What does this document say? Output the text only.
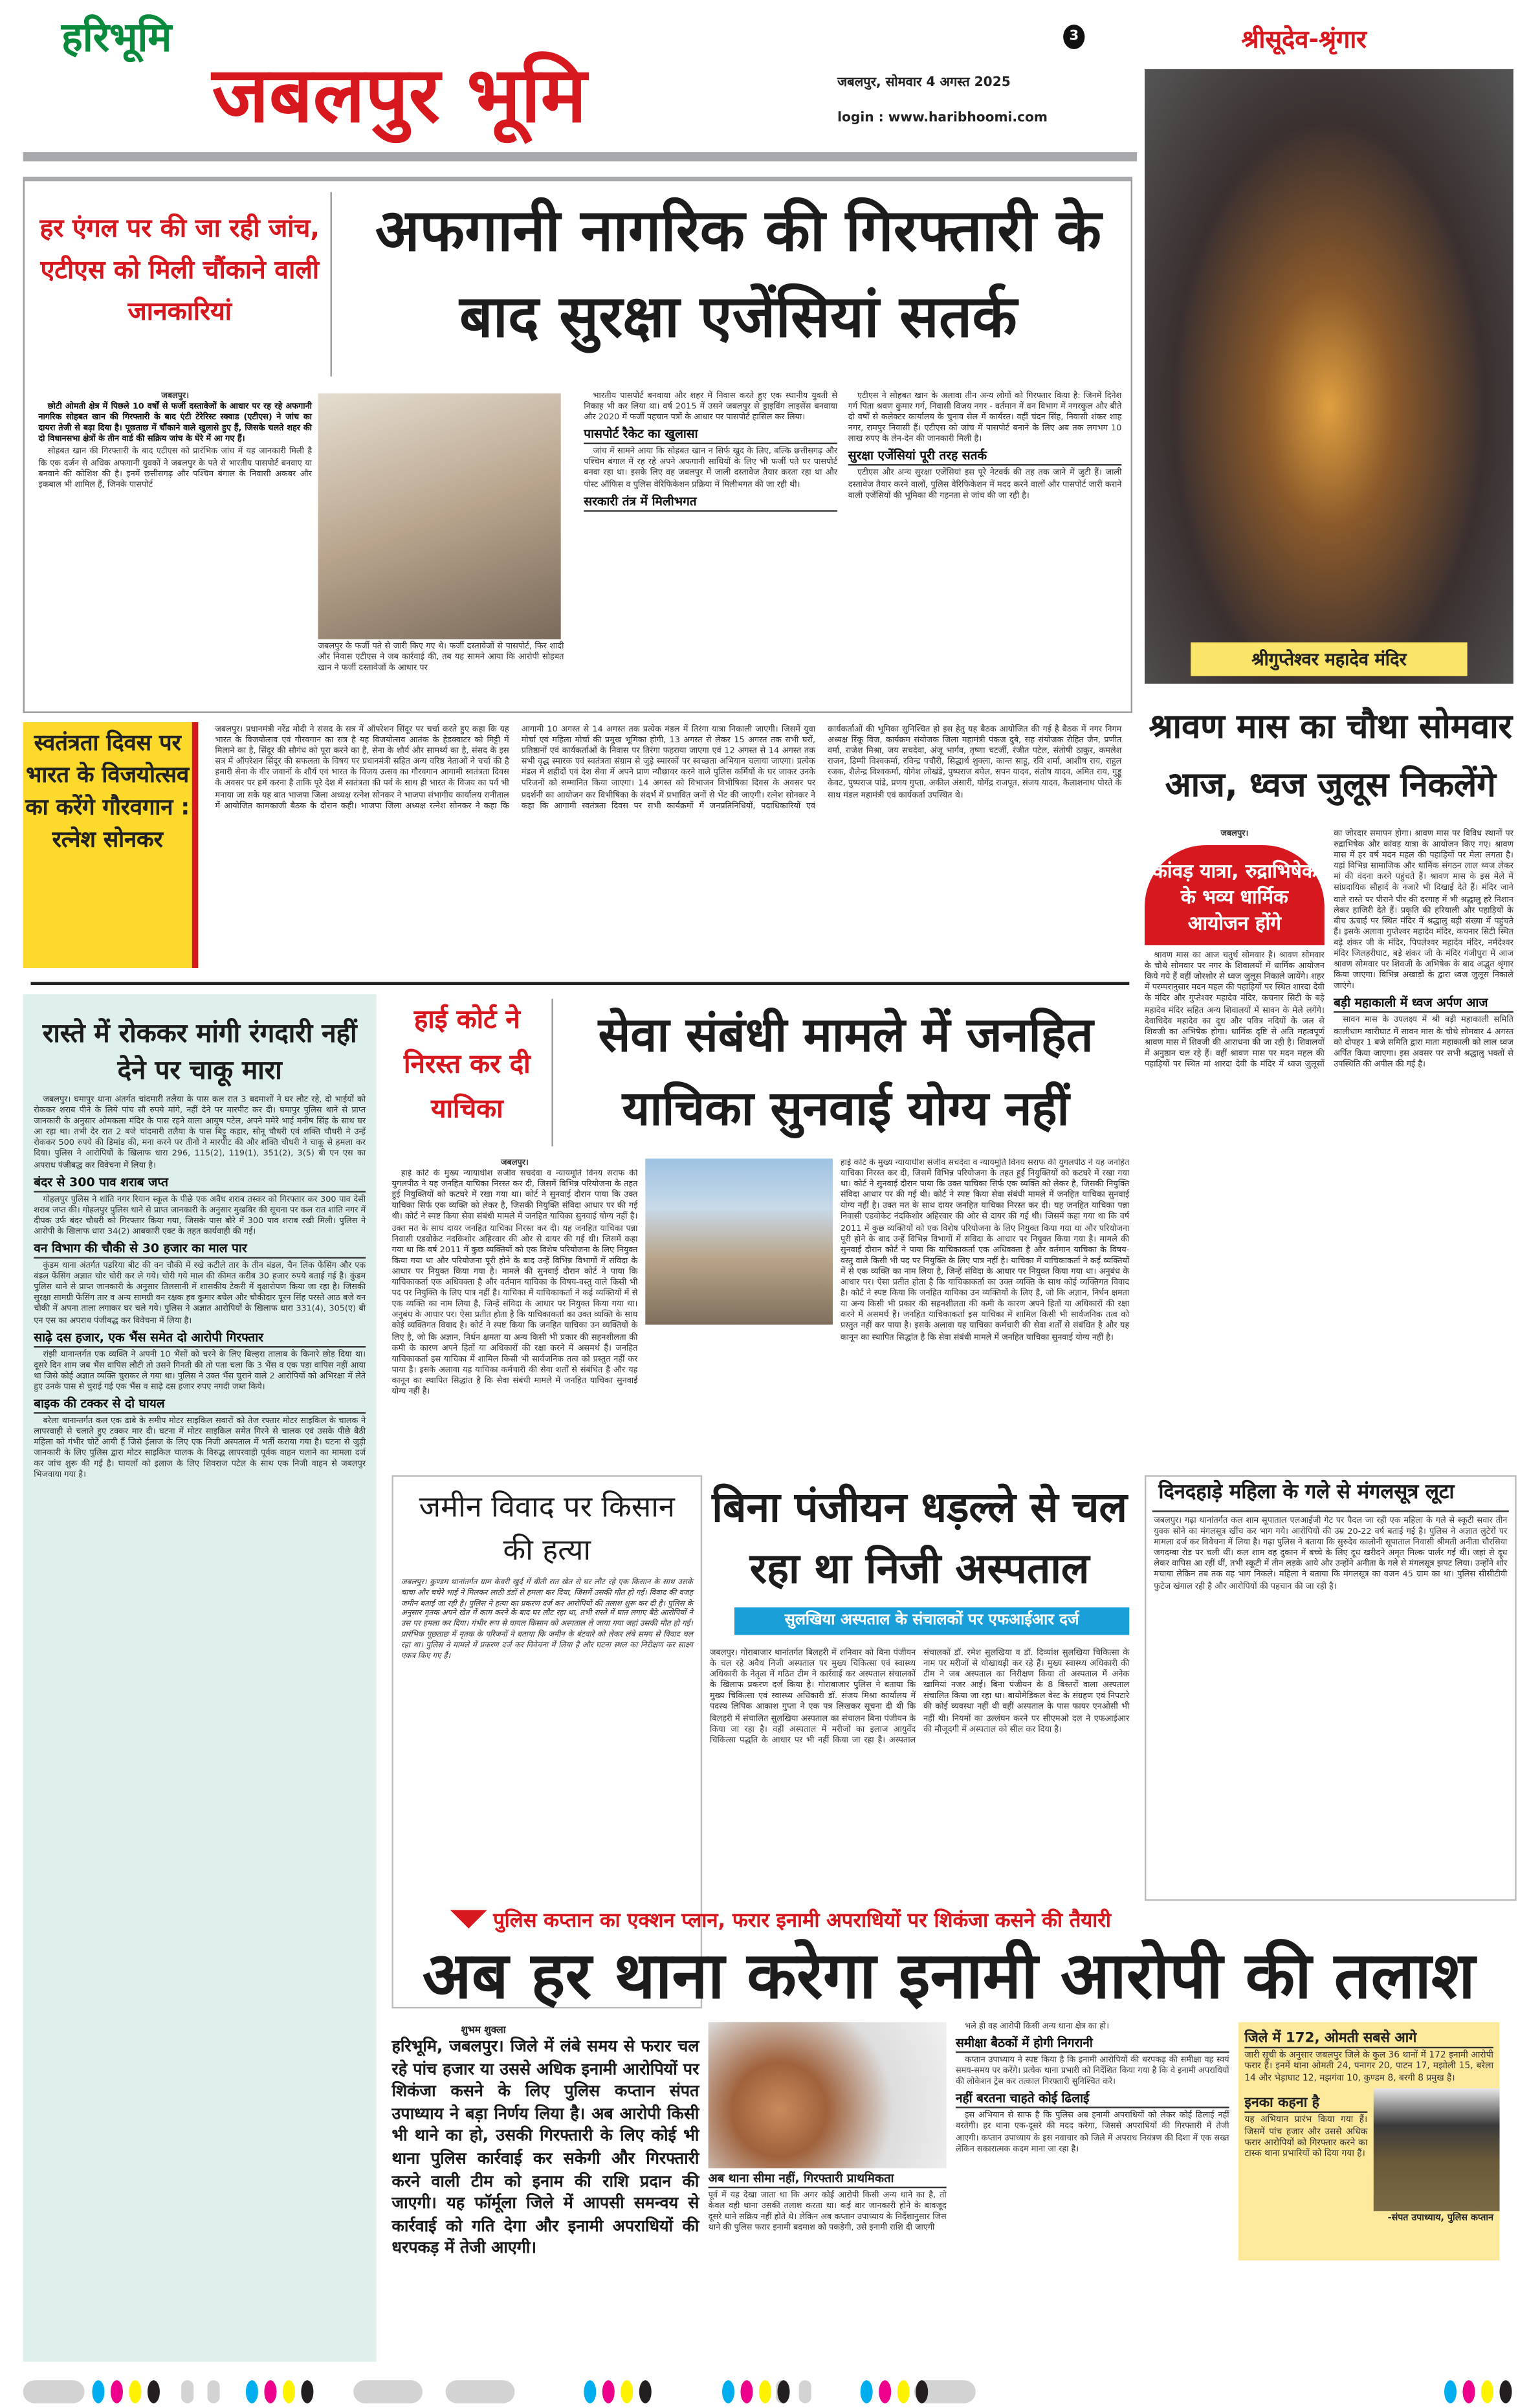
हरिभूमि
जबलपुर भूमि	जबलपुर, सोमवार 4 अगस्त 2025
login : www.haribhoomi.com
3	श्रीसूदेव-श्रृंगार
श्रीगुप्तेश्वर महादेव मंदिर
हर एंगल पर की जा रही जांच, एटीएस को मिली चौंकाने वाली जानकारियां
अफगानी नागरिक की गिरफ्तारी के बाद सुरक्षा एजेंसियां सतर्क
जबलपुर।

छोटी ओमती क्षेत्र में पिछले 10 वर्षों से फर्जी दस्तावेजों के आधार पर रह रहे अफगानी नागरिक सोहबत खान की गिरफ्तारी के बाद एंटी टेरेरिस्ट स्क्वाड (एटीएस) ने जांच का दायरा तेजी से बढ़ा दिया है। पूछताछ में चौंकाने वाले खुलासे हुए हैं, जिसके चलते शहर की दो विधानसभा क्षेत्रों के तीन वार्ड की सक्रिय जांच के घेरे में आ गए हैं।

सोहबत खान की गिरफ्तारी के बाद एटीएस को प्रारंभिक जांच में यह जानकारी मिली है कि एक दर्जन से अधिक अफगानी युवकों ने जबलपुर के पते से भारतीय पासपोर्ट बनवाए या बनवाने की कोशिश की है। इनमें छत्तीसगढ़ और पश्चिम बंगाल के निवासी अकबर और इकबाल भी शामिल हैं, जिनके पासपोर्ट

जबलपुर के फर्जी पते से जारी किए गए थे। फर्जी दस्तावेजों से पासपोर्ट, फिर शादी और निवास एटीएस ने जब कार्रवाई की, तब यह सामने आया कि आरोपी सोहबत खान ने फर्जी दस्तावेजों के आधार पर

भारतीय पासपोर्ट बनवाया और शहर में निवास करते हुए एक स्थानीय युवती से निकाह भी कर लिया था। वर्ष 2015 में उसने जबलपुर से ड्राइविंग लाइसेंस बनवाया और 2020 में फर्जी पहचान पत्रों के आधार पर पासपोर्ट हासिल कर लिया।

पासपोर्ट रैकेट का खुलासा

जांच में सामने आया कि सोहबत खान न सिर्फ खुद के लिए, बल्कि छत्तीसगढ़ और पश्चिम बंगाल में रह रहे अपने अफगानी साथियों के लिए भी फर्जी पते पर पासपोर्ट बनवा रहा था। इसके लिए वह जबलपुर में जाली दस्तावेज तैयार करता रहा था और पोस्ट ऑफिस व पुलिस वेरिफिकेशन प्रक्रिया में मिलीभगत की जा रही थी।

सरकारी तंत्र में मिलीभगत

एटीएस ने सोहबत खान के अलावा तीन अन्य लोगों को गिरफ्तार किया है: जिनमें दिनेश गर्ग पिता श्रवण कुमार गर्ग, निवासी विजय नगर - वर्तमान में वन विभाग में नगरकुल और बीते दो वर्षों से कलेक्टर कार्यालय के चुनाव सेल में कार्यरत। वहीं चंदन सिंह, निवासी शंकर शाह नगर, रामपुर निवासी हैं। एटीएस को जांच में पासपोर्ट बनाने के लिए अब तक लगभग 10 लाख रुपए के लेन-देन की जानकारी मिली है।

सुरक्षा एजेंसियां पूरी तरह सतर्क

एटीएस और अन्य सुरक्षा एजेंसियां इस पूरे नेटवर्क की तह तक जाने में जुटी हैं। जाली दस्तावेज तैयार करने वालों, पुलिस वेरिफिकेशन में मदद करने वालों और पासपोर्ट जारी कराने वाली एजेंसियों की भूमिका की गहनता से जांच की जा रही है।

स्वतंत्रता दिवस पर भारत के विजयोत्सव का करेंगे गौरवगान : रत्नेश सोनकर
जबलपुर। प्रधानमंत्री नरेंद्र मोदी ने संसद के सत्र में ऑपरेशन सिंदूर पर चर्चा करते हुए कहा कि यह भारत के विजयोत्सव एवं गौरवगान का सत्र है यह विजयोत्सव आतंक के हेडक्वाटर को मिट्टी में मिलाने का है, सिंदूर की सौगंध को पूरा करने का है, सेना के शौर्य और सामर्थ्य का है, संसद के इस सत्र में ऑपरेशन सिंदूर की सफलता के विषय पर प्रधानमंत्री सहित अन्य वरिष्ठ नेताओं ने चर्चा की है हमारी सेना के वीर जवानों के शौर्य एवं भारत के विजय उत्सव का गौरवगान आगामी स्वतंत्रता दिवस के अवसर पर हमें करना है ताकि पूरे देश में स्वतंत्रता की पर्व के साथ ही भारत के विजय का पर्व भी मनाया जा सके यह बात भाजपा जिला अध्यक्ष रत्नेश सोनकर ने भाजपा संभागीय कार्यालय रानीताल में आयोजित कामकाजी बैठक के दौरान कही। भाजपा जिला अध्यक्ष रत्नेश सोनकर ने कहा कि आगामी 10 अगस्त से 14 अगस्त तक प्रत्येक मंडल में तिरंगा यात्रा निकाली जाएगी। जिसमें युवा मोर्चा एवं महिला मोर्चा की प्रमुख भूमिका होगी, 13 अगस्त से लेकर 15 अगस्त तक सभी घरों, प्रतिष्ठानों एवं कार्यकर्ताओं के निवास पर तिरंगा फहराया जाएगा एवं 12 अगस्त से 14 अगस्त तक सभी वृद्ध स्मारक एवं स्वतंत्रता संग्राम से जुड़े स्मारकों पर स्वच्छता अभियान चलाया जाएगा। प्रत्येक मंडल में शहीदों एवं देश सेवा में अपने प्राण न्यौछावर करने वाले पुलिस कर्मियों के घर जाकर उनके परिजनों को सम्मानित किया जाएगा। 14 अगस्त को विभाजन विभीषिका दिवस के अवसर पर प्रदर्शनी का आयोजन कर विभीषिका के संदर्भ में प्रभावित जनों से भेंट की जाएगी। रत्नेश सोनकर ने कहा कि आगामी स्वतंत्रता दिवस पर सभी कार्यक्रमों में जनप्रतिनिधियों, पदाधिकारियों एवं कार्यकर्ताओं की भूमिका सुनिश्चित हो इस हेतु यह बैठक आयोजित की गई है बैठक में नगर निगम अध्यक्ष रिंकू विज, कार्यक्रम संयोजक जिला महामंत्री पंकज दुबे, सह संयोजक रोहित जैन, प्रणीत वर्मा, राजेश मिश्रा, जय सचदेवा, अंजू भार्गव, तृष्णा चटर्जी, रंजीत पटेल, संतोषी ठाकुर, कमलेश राजन, डिम्पी विश्वकर्मा, रविन्द्र पचौरी, सिद्धार्थ शुक्ला, कान्त साहू, रवि शर्मा, आशीष राय, राहुल रजक, शैलेन्द्र विश्वकर्मा, योगेश लोखंडे, पुष्पराज बघेल, सपन यादव, संतोष यादव, अमित राय, गुड्डू केवट, पुष्पराज पांडे, प्रणय गुप्ता, अकील अंसारी, योगेंद्र राजपूत, संजय यादव, कैलाशनाथ पोरते के साथ मंडल महामंत्री एवं कार्यकर्ता उपस्थित थे।
श्रावण मास का चौथा सोमवार आज, ध्वज जुलूस निकलेंगे
जबलपुर।
कांवड़ यात्रा, रुद्राभिषेक के भव्य धार्मिक आयोजन होंगे

श्रावण मास का आज चतुर्थ सोमवार है। श्रावण सोमवार के चौथे सोमवार पर नगर के शिवालयों में धार्मिक आयोजन किये गये हैं वहीं जोरशोर से ध्वज जुलूस निकाले जायेंगे। शहर में परम्परानुसार मदन महल की पहाड़ियों पर स्थित शारदा देवी के मंदिर और गुप्तेश्वर महादेव मंदिर, कचनार सिटी के बड़े महादेव मंदिर सहित अन्य शिवालयों में सावन के मेले लगेंगे। देवाधिदेव महादेव का दूध और पवित्र नदियों के जल से शिवजी का अभिषेक होगा। धार्मिक दृष्टि से अति महत्वपूर्ण श्रावण मास में शिवजी की आराधना की जा रही है। शिवालयों में अनुष्ठान चल रहे हैं। वहीं श्रावण मास पर मदन महल की पहाड़ियों पर स्थित मां शारदा देवी के मंदिर में ध्वज जुलूसों का जोरदार समापन होगा। श्रावण मास पर विविध स्थानों पर रुद्राभिषेक और कांवड़ यात्रा के आयोजन किए गए। श्रावण मास में हर वर्ष मदन महल की पहाड़ियों पर मेला लगता है। यहां विभिन्न सामाजिक और धार्मिक संगठन लाल ध्वज लेकर मां की वंदना करने पहुंचते हैं। श्रावण मास के इस मेले में सांप्रदायिक सौहार्द के नजारे भी दिखाई देते हैं। मंदिर जाने वाले रास्ते पर पीराने पीर की दरगाह में भी श्रद्धालु हरे निशान लेकर हाजिरी देते हैं। प्रकृति की हरियाली और पहाड़ियों के बीच ऊंचाई पर स्थित मंदिर में श्रद्धालु बड़ी संख्या में पहुंचते हैं। इसके अलावा गुप्तेश्वर महादेव मंदिर, कचनार सिटी स्थित बड़े शंकर जी के मंदिर, पिपलेश्वर महादेव मंदिर, नर्मदेश्वर मंदिर जिलहरीघाट, बड़े शंकर जी के मंदिर गंजीपुरा में आज श्रावण सोमवार पर शिवजी के अभिषेक के बाद अद्भुत श्रृंगार किया जाएगा। विभिन्न अखाड़ों के द्वारा ध्वज जुलूस निकाले जाएंगे।

बड़ी महाकाली में ध्वज अर्पण आज

सावन मास के उपलक्ष्य में श्री बड़ी महाकाली समिति कालीधाम ग्वारीघाट में सावन मास के चौथे सोमवार 4 अगस्त को दोपहर 1 बजे समिति द्वारा माता महाकाली को लाल ध्वज अर्पित किया जाएगा। इस अवसर पर सभी श्रद्धालु भक्तों से उपस्थिति की अपील की गई है।

रास्ते में रोककर मांगी रंगदारी नहीं देने पर चाकू मारा

जबलपुर। घमापुर थाना अंतर्गत चांदमारी तलैया के पास कल रात 3 बदमाशों ने घर लौट रहे, दो भाईयों को रोककर शराब पीने के लिये पांच सौ रुपये मांगे, नहीं देने पर मारपीट कर दी। घमापुर पुलिस थाने से प्राप्त जानकारी के अनुसार ओमकला मंदिर के पास रहने वाला आयुष पटेल, अपने ममेरे भाई मनीष सिंह के साथ घर आ रहा था। तभी देर रात 2 बजे चांदमारी तलैया के पास बिट्टू कहार, सोनू चौधरी एवं शक्ति चौधरी ने उन्हें रोककर 500 रुपये की डिमांड की, मना करने पर तीनों ने मारपीट की और शक्ति चौधरी ने चाकू से हमला कर दिया। पुलिस ने आरोपियों के खिलाफ धारा 296, 115(2), 119(1), 351(2), 3(5) बी एन एस का अपराध पंजीबद्ध कर विवेचना में लिया है।

बंदर से 300 पाव शराब जप्त

गोहलपुर पुलिस ने शांति नगर रियान स्कूल के पीछे एक अवैध शराब तस्कर को गिरफ्तार कर 300 पाव देसी शराब जप्त की। गोहलपुर पुलिस थाने से प्राप्त जानकारी के अनुसार मुखबिर की सूचना पर कल रात शांति नगर में दीपक उर्फ बंदर चौधरी को गिरफ्तार किया गया, जिसके पास बोरे में 300 पाव शराब रखी मिली। पुलिस ने आरोपी के खिलाफ धारा 34(2) आबकारी एक्ट के तहत कार्यवाही की गई।

वन विभाग की चौकी से 30 हजार का माल पार

कुंडम थाना अंतर्गत पडरिया बीट की वन चौकी में रखे कटीले तार के तीन बंडल, चैन लिंक फेंसिंग और एक बंडल फेंसिंग अज्ञात चोर चोरी कर ले गये। चोरी गये माल की कीमत करीब 30 हजार रुपये बताई गई है। कुंडम पुलिस थाने से प्राप्त जानकारी के अनुसार तिलसानी में शासकीय टेकरी में वृक्षारोपण किया जा रहा है। जिसकी सुरक्षा सामग्री फेंसिंग तार व अन्य सामग्री वन रक्षक हव कुमार बघेल और चौकीदार पूरन सिंह परस्ते आठ बजे वन चौकी में अपना ताला लगाकर घर चले गये। पुलिस ने अज्ञात आरोपियों के खिलाफ धारा 331(4), 305(ए) बी एन एस का अपराध पंजीबद्ध कर विवेचना में लिया है।

साढ़े दस हजार, एक भैंस समेत दो आरोपी गिरफ्तार

रांझी थानान्तर्गत एक व्यक्ति ने अपनी 10 भैंसों को चरने के लिए बिल्हरा तालाब के किनारे छोड़ दिया था। दूसरे दिन शाम जब भैंस वापिस लौटी तो उसने गिनती की तो पता चला कि 3 भैंस व एक पड़ा वापिस नहीं आया था जिसे कोई अज्ञात व्यक्ति चुराकर ले गया था। पुलिस ने उक्त भैंस चुराने वाले 2 आरोपियों को अभिरक्षा में लेते हुए उनके पास से चुराई गई एक भैंस व साढ़े दस हजार रुपए नगदी जब्त किये।

बाइक की टक्कर से दो घायल

बरेला थानान्तर्गत कल एक ढाबे के समीप मोटर साइकिल सवारों को तेज रफ्तार मोटर साइकिल के चालक ने लापरवाही से चलाते हुए टक्कर मार दी। घटना में मोटर साइकिल समेत गिरने से चालक एवं उसके पीछे बैठी महिला को गंभीर चोटें आयी हैं जिसे ईलाज के लिए एक निजी अस्पताल में भर्ती कराया गया है। घटना से जुड़ी जानकारी के लिए पुलिस द्वारा मोटर साइकिल चालक के विरुद्ध लापरवाही पूर्वक वाहन चलाने का मामला दर्ज कर जांच शुरू की गई है। घायलों को इलाज के लिए शिवराज पटेल के साथ एक निजी वाहन से जबलपुर भिजवाया गया है।

हाई कोर्ट ने निरस्त कर दी याचिका
सेवा संबंधी मामले में जनहित याचिका सुनवाई योग्य नहीं
जबलपुर।

हाई कोर्ट के मुख्य न्यायाधीश संजीव सचदेवा व न्यायमूर्ति विनय सराफ की युगलपीठ ने यह जनहित याचिका निरस्त कर दी, जिसमें विभिन्न परियोजना के तहत हुई नियुक्तियों को कटघरे में रखा गया था। कोर्ट ने सुनवाई दौरान पाया कि उक्त याचिका सिर्फ एक व्यक्ति को लेकर है, जिसकी नियुक्ति संविदा आधार पर की गई थी। कोर्ट ने स्पष्ट किया सेवा संबंधी मामले में जनहित याचिका सुनवाई योग्य नहीं है। उक्त मत के साथ दायर जनहित याचिका निरस्त कर दी। यह जनहित याचिका पन्ना निवासी एडवोकेट नंदकिशोर अहिरवार की ओर से दायर की गई थी। जिसमें कहा गया था कि वर्ष 2011 में कुछ व्यक्तियों को एक विशेष परियोजना के लिए नियुक्त किया गया था और परियोजना पूरी होने के बाद उन्हें विभिन्न विभागों में संविदा के आधार पर नियुक्त किया गया है। मामले की सुनवाई दौरान कोर्ट ने पाया कि याचिकाकर्ता एक अधिवक्ता है और वर्तमान याचिका के विषय-वस्तु वाले किसी भी पद पर नियुक्ति के लिए पात्र नहीं है। याचिका में याचिकाकर्ता ने कई व्यक्तियों में से एक व्यक्ति का नाम लिया है, जिन्हें संविदा के आधार पर नियुक्त किया गया था। अनुबंध के आधार पर। ऐसा प्रतीत होता है कि याचिकाकर्ता का उक्त व्यक्ति के साथ कोई व्यक्तिगत विवाद है। कोर्ट ने स्पष्ट किया कि जनहित याचिका उन व्यक्तियों के लिए है, जो कि अज्ञान, निर्धन क्षमता या अन्य किसी भी प्रकार की सहनशीलता की कमी के कारण अपने हितों या अधिकारों की रक्षा करने में असमर्थ हैं। जनहित याचिकाकर्ता इस याचिका में शामिल किसी भी सार्वजनिक तत्व को प्रस्तुत नहीं कर पाया है। इसके अलावा यह याचिका कर्मचारी की सेवा शर्तों से संबंधित है और यह कानून का स्थापित सिद्धांत है कि सेवा संबंधी मामले में जनहित याचिका सुनवाई योग्य नहीं है।

हाई कोर्ट के मुख्य न्यायाधीश संजीव सचदेवा व न्यायमूर्ति विनय सराफ की युगलपीठ ने यह जनहित याचिका निरस्त कर दी, जिसमें विभिन्न परियोजना के तहत हुई नियुक्तियों को कटघरे में रखा गया था। कोर्ट ने सुनवाई दौरान पाया कि उक्त याचिका सिर्फ एक व्यक्ति को लेकर है, जिसकी नियुक्ति संविदा आधार पर की गई थी। कोर्ट ने स्पष्ट किया सेवा संबंधी मामले में जनहित याचिका सुनवाई योग्य नहीं है। उक्त मत के साथ दायर जनहित याचिका निरस्त कर दी। यह जनहित याचिका पन्ना निवासी एडवोकेट नंदकिशोर अहिरवार की ओर से दायर की गई थी। जिसमें कहा गया था कि वर्ष 2011 में कुछ व्यक्तियों को एक विशेष परियोजना के लिए नियुक्त किया गया था और परियोजना पूरी होने के बाद उन्हें विभिन्न विभागों में संविदा के आधार पर नियुक्त किया गया है। मामले की सुनवाई दौरान कोर्ट ने पाया कि याचिकाकर्ता एक अधिवक्ता है और वर्तमान याचिका के विषय-वस्तु वाले किसी भी पद पर नियुक्ति के लिए पात्र नहीं है। याचिका में याचिकाकर्ता ने कई व्यक्तियों में से एक व्यक्ति का नाम लिया है, जिन्हें संविदा के आधार पर नियुक्त किया गया था। अनुबंध के आधार पर। ऐसा प्रतीत होता है कि याचिकाकर्ता का उक्त व्यक्ति के साथ कोई व्यक्तिगत विवाद है। कोर्ट ने स्पष्ट किया कि जनहित याचिका उन व्यक्तियों के लिए है, जो कि अज्ञान, निर्धन क्षमता या अन्य किसी भी प्रकार की सहनशीलता की कमी के कारण अपने हितों या अधिकारों की रक्षा करने में असमर्थ हैं। जनहित याचिकाकर्ता इस याचिका में शामिल किसी भी सार्वजनिक तत्व को प्रस्तुत नहीं कर पाया है। इसके अलावा यह याचिका कर्मचारी की सेवा शर्तों से संबंधित है और यह कानून का स्थापित सिद्धांत है कि सेवा संबंधी मामले में जनहित याचिका सुनवाई योग्य नहीं है।
जमीन विवाद पर किसान की हत्या
जबलपुर। कुण्डम थानांतर्गत ग्राम केवरी खुर्द में बीती रात खेत से घर लौट रहे एक किसान के साथ उसके चाचा और चचेरे भाई ने मिलकर लाठी डंडों से हमला कर दिया, जिसमें उसकी मौत हो गई। विवाद की वजह जमीन बताई जा रही है। पुलिस ने हत्या का प्रकरण दर्ज कर आरोपियों की तलाश शुरू कर दी है। पुलिस के अनुसार मृतक अपने खेत में काम करने के बाद घर लौट रहा था, तभी रास्ते में घात लगाए बैठे आरोपियों ने उस पर हमला कर दिया। गंभीर रूप से घायल किसान को अस्पताल ले जाया गया जहां उसकी मौत हो गई। प्रारंभिक पूछताछ में मृतक के परिजनों ने बताया कि जमीन के बंटवारे को लेकर लंबे समय से विवाद चल रहा था। पुलिस ने मामले में प्रकरण दर्ज कर विवेचना में लिया है और घटना स्थल का निरीक्षण कर साक्ष्य एकत्र किए गए हैं।
बिना पंजीयन धड़ल्ले से चल रहा था निजी अस्पताल
सुलखिया अस्पताल के संचालकों पर एफआईआर दर्ज
जबलपुर। गोराबाजार थानांतर्गत बिलहरी में शनिवार को बिना पंजीयन के चल रहे अवैध निजी अस्पताल पर मुख्य चिकित्सा एवं स्वास्थ्य अधिकारी के नेतृत्व में गठित टीम ने कार्रवाई कर अस्पताल संचालकों के खिलाफ प्रकरण दर्ज किया है। गोराबाजार पुलिस ने बताया कि मुख्य चिकित्सा एवं स्वास्थ्य अधिकारी डॉ. संजय मिश्रा कार्यालय में पदस्थ लिपिक आकाश गुप्ता ने एक पत्र लिखकर सूचना दी थी कि बिलहरी में संचालित सुलखिया अस्पताल का संचालन बिना पंजीयन के किया जा रहा है। वहीं अस्पताल में मरीजों का इलाज आयुर्वेद चिकित्सा पद्धति के आधार पर भी नहीं किया जा रहा है। अस्पताल संचालकों डॉ. रमेश सुलखिया व डॉ. दिव्यांश सुलखिया चिकित्सा के नाम पर मरीजों से धोखाधड़ी कर रहे हैं। मुख्य स्वास्थ्य अधिकारी की टीम ने जब अस्पताल का निरीक्षण किया तो अस्पताल में अनेक खामियां नजर आईं। बिना पंजीयन के 8 बिस्तरों वाला अस्पताल संचालित किया जा रहा था। बायोमेडिकल वेस्ट के संग्रहण एवं निपटारे की कोई व्यवस्था नहीं थी वहीं अस्पताल के पास फायर एनओसी भी नहीं थी। नियमों का उल्लंघन करने पर सीएमओ दल ने एफआईआर की मौजूदगी में अस्पताल को सील कर दिया है।
दिनदहाड़े महिला के गले से मंगलसूत्र लूटा
जबलपुर। गढ़ा थानांतर्गत कल शाम सूपाताल एलआईजी गेट पर पैदल जा रही एक महिला के गले से स्कूटी सवार तीन युवक सोने का मंगलसूत्र खींच कर भाग गये। आरोपियों की उम्र 20-22 वर्ष बताई गई है। पुलिस ने अज्ञात लुटेरों पर मामला दर्ज कर विवेचना में लिया है। गढ़ा पुलिस ने बताया कि सुरुदेव कालोनी सूपाताल निवासी श्रीमती अनीता चौरसिया जगदम्बा रोड पर चली थीं। कल शाम वह दुकान में बच्चे के लिए दूध खरीदने अमृत मिल्क पार्लर गई थीं। जहां से दूध लेकर वापिस आ रहीं थीं, तभी स्कूटी में तीन लड़के आये और उन्होंने अनीता के गले से मंगलसूत्र झपट लिया। उन्होंने शोर मचाया लेकिन तब तक वह भाग निकले। महिला ने बताया कि मंगलसूत्र का वजन 45 ग्राम का था। पुलिस सीसीटीवी फुटेज खंगाल रही है और आरोपियों की पहचान की जा रही है।
पुलिस कप्तान का एक्शन प्लान, फरार इनामी अपराधियों पर शिकंजा कसने की तैयारी
अब हर थाना करेगा इनामी आरोपी की तलाश
शुभम शुक्ला
हरिभूमि, जबलपुर। जिले में लंबे समय से फरार चल रहे पांच हजार या उससे अधिक इनामी आरोपियों पर शिकंजा कसने के लिए पुलिस कप्तान संपत उपाध्याय ने बड़ा निर्णय लिया है। अब आरोपी किसी भी थाने का हो, उसकी गिरफ्तारी के लिए कोई भी थाना पुलिस कार्रवाई कर सकेगी और गिरफ्तारी करने वाली टीम को इनाम की राशि प्रदान की जाएगी। यह फॉर्मूला जिले में आपसी समन्वय से कार्रवाई को गति देगा और इनामी अपराधियों की धरपकड़ में तेजी आएगी।
अब थाना सीमा नहीं, गिरफ्तारी प्राथमिकता
पूर्व में यह देखा जाता था कि अगर कोई आरोपी किसी अन्य थाने का है, तो केवल वही थाना उसकी तलाश करता था। कई बार जानकारी होने के बावजूद दूसरे थाने सक्रिय नहीं होते थे। लेकिन अब कप्तान उपाध्याय के निर्देशानुसार जिस थाने की पुलिस फरार इनामी बदमाश को पकड़ेगी, उसे इनामी राशि दी जाएगी

भले ही वह आरोपी किसी अन्य थाना क्षेत्र का हो।

समीक्षा बैठकों में होगी निगरानी

कप्तान उपाध्याय ने स्पष्ट किया है कि इनामी आरोपियों की धरपकड़ की समीक्षा वह स्वयं समय-समय पर करेंगे। प्रत्येक थाना प्रभारी को निर्देशित किया गया है कि वे इनामी अपराधियों की लोकेशन ट्रेस कर तत्काल गिरफ्तारी सुनिश्चित करें।

नहीं बरतना चाहते कोई ढिलाई

इस अभियान से साफ है कि पुलिस अब इनामी अपराधियों को लेकर कोई ढिलाई नहीं बरतेगी। हर थाना एक-दूसरे की मदद करेगा, जिससे अपराधियों की गिरफ्तारी में तेजी आएगी। कप्तान उपाध्याय के इस नवाचार को जिले में अपराध नियंत्रण की दिशा में एक सख्त लेकिन सकारात्मक कदम माना जा रहा है।

जिले में 172, ओमती सबसे आगे
जारी सूची के अनुसार जबलपुर जिले के कुल 36 थानों में 172 इनामी आरोपी फरार हैं। इनमें थाना ओमती 24, पनागर 20, पाटन 17, मझोली 15, बरेला 14 और भेड़ाघाट 12, मझगंवा 10, कुण्डम 8, बरगी 8 प्रमुख हैं।
इनका कहना है
यह अभियान प्रारंभ किया गया हैं। जिसमें पांच हजार और उससे अधिक फरार आरोपियों को गिरफ्तार करने का टास्क थाना प्रभारियों को दिया गया हैं।
-संपत उपाध्याय, पुलिस कप्तान
